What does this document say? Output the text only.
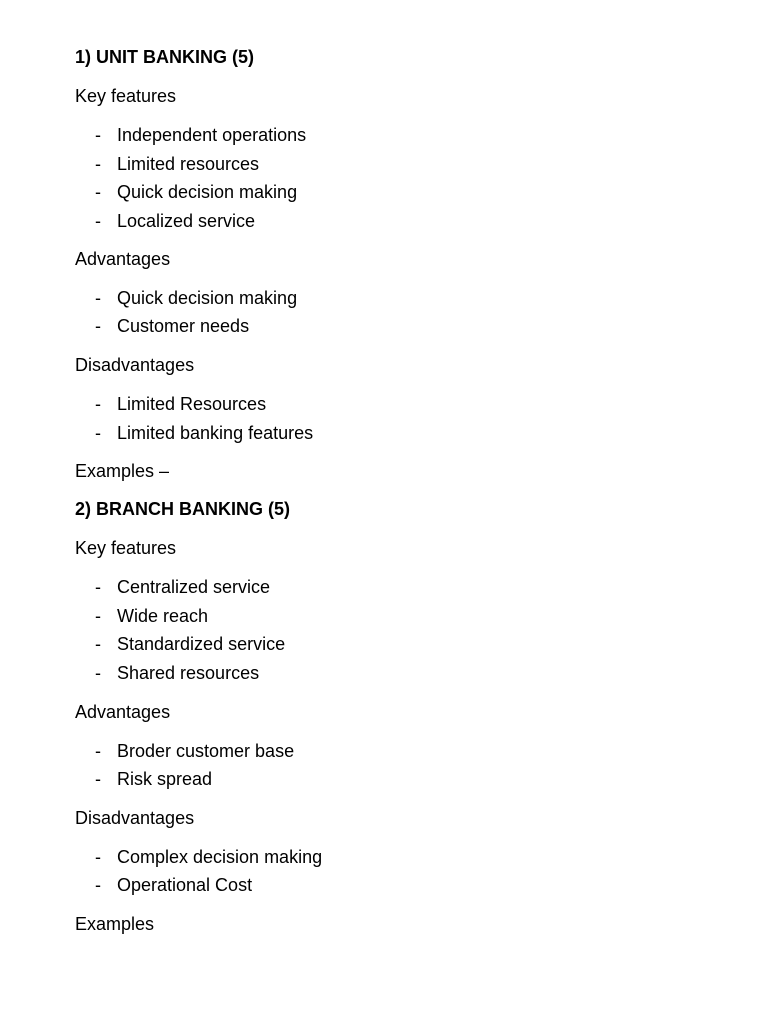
1) UNIT BANKING (5)
Key features
- Independent operations
- Limited resources
- Quick decision making
- Localized service
Advantages
- Quick decision making
- Customer needs
Disadvantages
- Limited Resources
- Limited banking features
Examples –
2) BRANCH BANKING (5)
Key features
- Centralized service
- Wide reach
- Standardized service
- Shared resources
Advantages
- Broder customer base
- Risk spread
Disadvantages
- Complex decision making
- Operational Cost
Examples
